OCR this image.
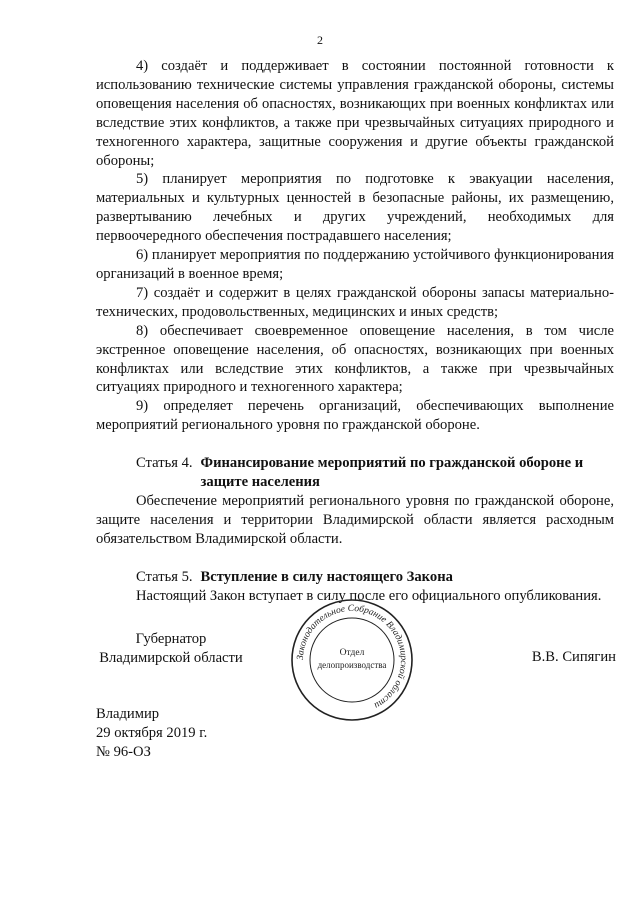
2

4) создаёт и поддерживает в состоянии постоянной готовности к использованию технические системы управления гражданской обороны, системы оповещения населения об опасностях, возникающих при военных конфликтах или вследствие этих конфликтов, а также при чрезвычайных ситуациях природного и техногенного характера, защитные сооружения и другие объекты гражданской обороны;

5) планирует мероприятия по подготовке к эвакуации населения, материальных и культурных ценностей в безопасные районы, их размещению, развертыванию лечебных и других учреждений, необходимых для первоочередного обеспечения пострадавшего населения;

6) планирует мероприятия по поддержанию устойчивого функционирования организаций в военное время;

7) создаёт и содержит в целях гражданской обороны запасы материально-технических, продовольственных, медицинских и иных средств;

8) обеспечивает своевременное оповещение населения, в том числе экстренное оповещение населения, об опасностях, возникающих при военных конфликтах или вследствие этих конфликтов, а также при чрезвычайных ситуациях природного и техногенного характера;

9) определяет перечень организаций, обеспечивающих выполнение мероприятий регионального уровня по гражданской обороне.

Статья 4. Финансирование мероприятий по гражданской обороне и защите населения

Обеспечение мероприятий регионального уровня по гражданской обороне, защите населения и территории Владимирской области является расходным обязательством Владимирской области.

Статья 5. Вступление в силу настоящего Закона

Настоящий Закон вступает в силу после его официального опубликования.

Губернатор
Владимирской области	В.В. Сипягин
Законодательное Собрание Владимирской области
Отдел
делопроизводства
Владимир
29 октября 2019 г.
№ 96-ОЗ
